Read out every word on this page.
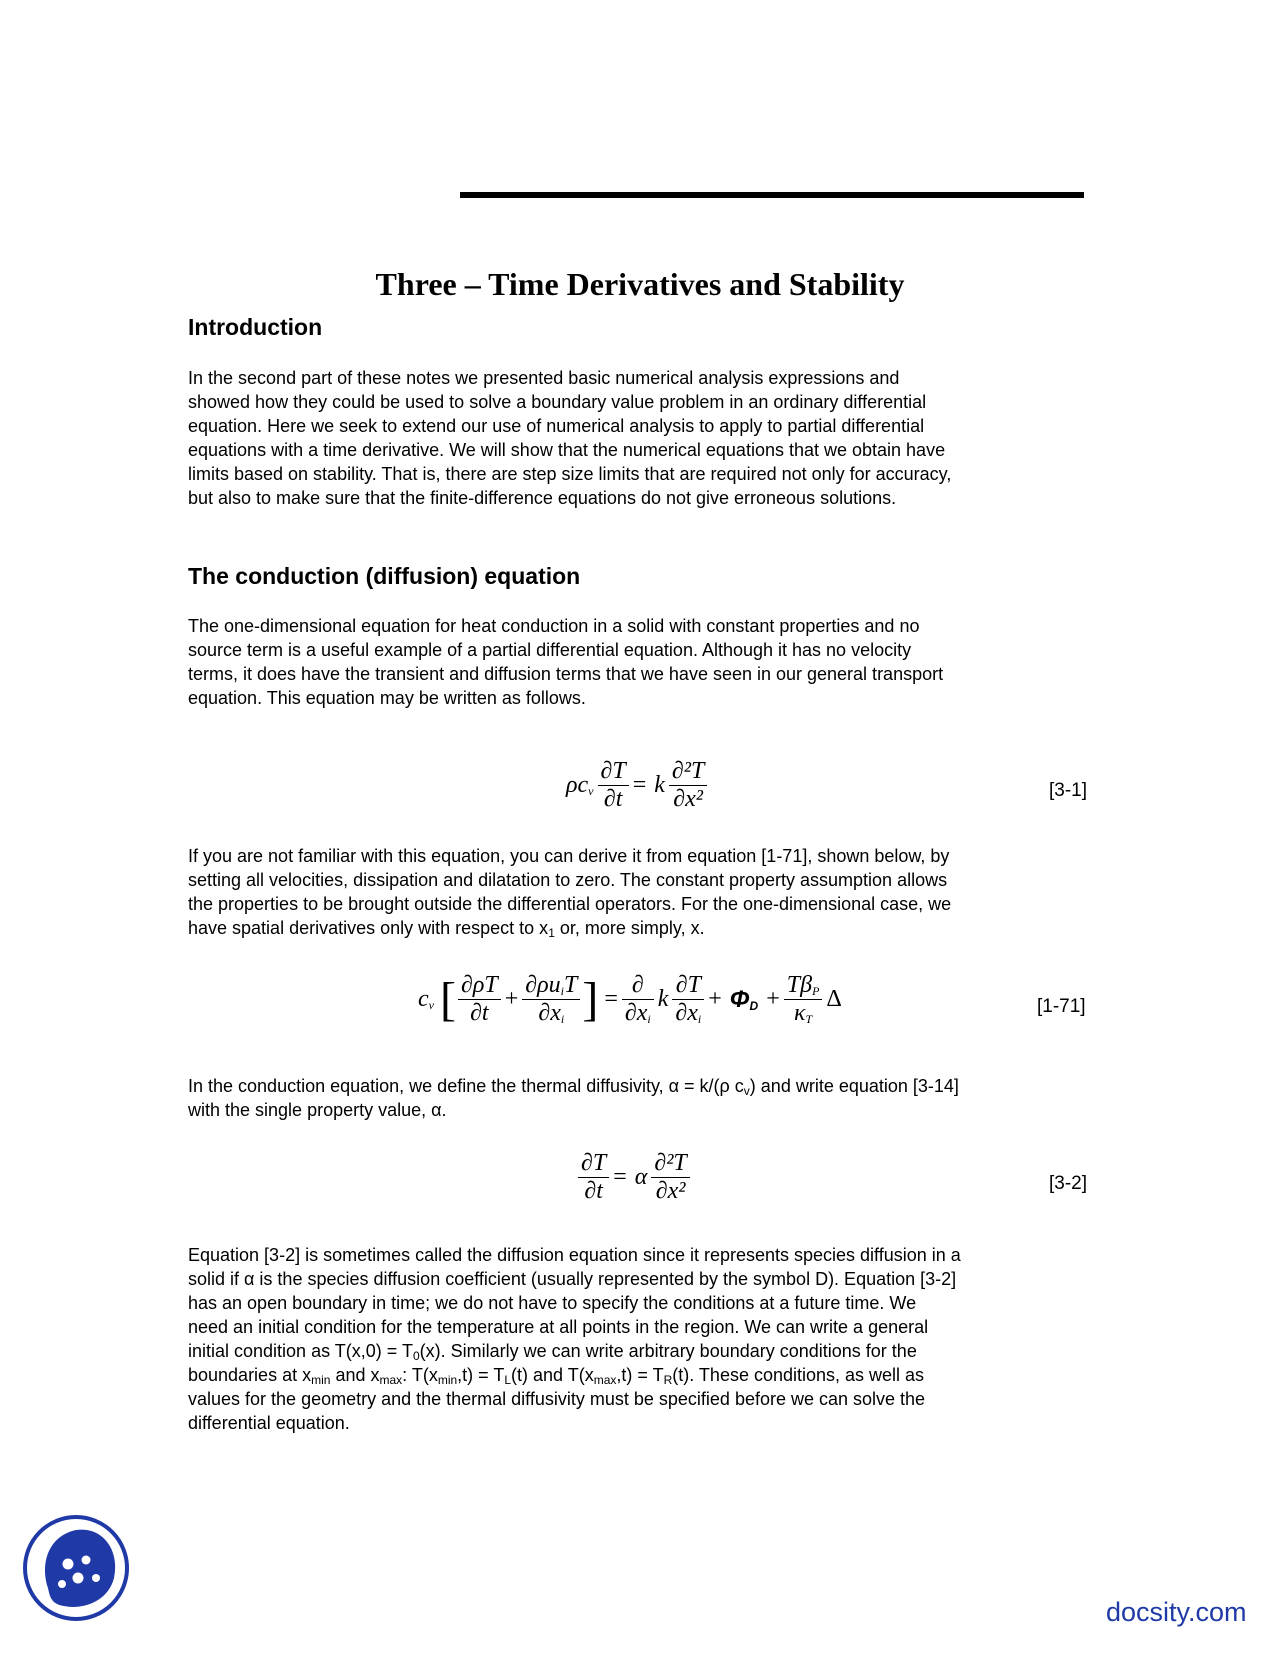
Three – Time Derivatives and Stability
Introduction
In the second part of these notes we presented basic numerical analysis expressions and
showed how they could be used to solve a boundary value problem in an ordinary differential
equation. Here we seek to extend our use of numerical analysis to apply to partial differential
equations with a time derivative. We will show that the numerical equations that we obtain have
limits based on stability. That is, there are step size limits that are required not only for accuracy,
but also to make sure that the finite-difference equations do not give erroneous solutions.
The conduction (diffusion) equation
The one-dimensional equation for heat conduction in a solid with constant properties and no
source term is a useful example of a partial differential equation. Although it has no velocity
terms, it does have the transient and diffusion terms that we have seen in our general transport
equation. This equation may be written as follows.
$\rho c_v \frac{\partial T}{\partial t} = k \frac{\text{∂²T}}{\text{∂x²}}$	[3-1]
If you are not familiar with this equation, you can derive it from equation [1-71], shown below, by
setting all velocities, dissipation and dilatation to zero. The constant property assumption allows
the properties to be brought outside the differential operators. For the one-dimensional case, we
have spatial derivatives only with respect to $x_1$ or, more simply, x.
$c_v$ [ $\frac{\partial\rho T}{\partial t} + \frac{\partial\rho u_iT}{\partial x_i}$ ] = $\frac{\partial}{\partial x_i}$ k $\frac{\partial T}{\partial x_i} + \Phi_D + \frac{T\beta_P}{\kappa_T}$ Δ	[1-71]
In the conduction equation, we define the thermal diffusivity, α = k/(ρ $c_v$) and write equation [3-14]
with the single property value, α.
$\frac{\partial T}{\partial t} = \alpha \frac{\text{∂²T}}{\text{∂x²}}$	[3-2]
Equation [3-2] is sometimes called the diffusion equation since it represents species diffusion in a
solid if α is the species diffusion coefficient (usually represented by the symbol D). Equation [3-2]
has an open boundary in time; we do not have to specify the conditions at a future time. We
need an initial condition for the temperature at all points in the region. We can write a general
initial condition as $T(x,0) = T_0(x)$. Similarly we can write arbitrary boundary conditions for the
boundaries at $x_{min}$ and $x_{max}$: $T(x_{min},t) = T_L(t)$ and $T(x_{max},t) = T_R(t)$. These conditions, as well as
values for the geometry and the thermal diffusivity must be specified before we can solve the
differential equation.
docsity.com
